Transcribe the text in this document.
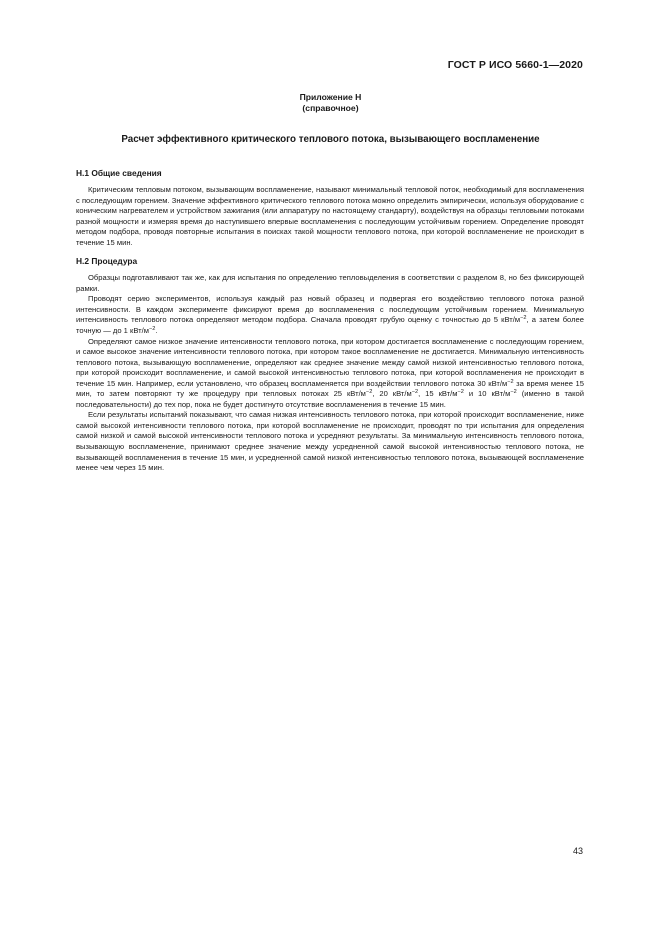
ГОСТ Р ИСО 5660-1—2020
Приложение Н
(справочное)
Расчет эффективного критического теплового потока, вызывающего воспламенение
Н.1 Общие сведения

Критическим тепловым потоком, вызывающим воспламенение, называют минимальный тепловой поток, необходимый для воспламенения с последующим горением. Значение эффективного критического теплового потока можно определить эмпирически, используя оборудование с коническим нагревателем и устройством зажигания (или аппаратуру по настоящему стандарту), воздействуя на образцы тепловыми потоками разной мощности и измеряя время до наступившего впервые воспламенения с последующим устойчивым горением. Определение проводят методом подбора, проводя повторные испытания в поисках такой мощности теплового потока, при которой воспламенение не происходит в течение 15 мин.

Н.2 Процедура

Образцы подготавливают так же, как для испытания по определению тепловыделения в соответствии с разделом 8, но без фиксирующей рамки.

Проводят серию экспериментов, используя каждый раз новый образец и подвергая его воздействию теплового потока разной интенсивности. В каждом эксперименте фиксируют время до воспламенения с последующим устойчивым горением. Минимальную интенсивность теплового потока определяют методом подбора. Сначала проводят грубую оценку с точностью до 5 кВт/$м^{-2}$, а затем более точную — до 1 кВт/$м^{-2}$.

Определяют самое низкое значение интенсивности теплового потока, при котором достигается воспламенение с последующим горением, и самое высокое значение интенсивности теплового потока, при котором такое воспламенение не достигается. Минимальную интенсивность теплового потока, вызывающую воспламенение, определяют как среднее значение между самой низкой интенсивностью теплового потока, при которой происходит воспламенение, и самой высокой интенсивностью теплового потока, при которой воспламенения не происходит в течение 15 мин. Например, если установлено, что образец воспламеняется при воздействии теплового потока 30 кВт/$м^{-2}$ за время менее 15 мин, то затем повторяют ту же процедуру при тепловых потоках 25 кВт/$м^{-2}$, 20 кВт/$м^{-2}$, 15 кВт/$м^{-2}$ и 10 кВт/$м^{-2}$ (именно в такой последовательности) до тех пор, пока не будет достигнуто отсутствие воспламенения в течение 15 мин.

Если результаты испытаний показывают, что самая низкая интенсивность теплового потока, при которой происходит воспламенение, ниже самой высокой интенсивности теплового потока, при которой воспламенение не происходит, проводят по три испытания для определения самой низкой и самой высокой интенсивности теплового потока и усредняют результаты. За минимальную интенсивность теплового потока, вызывающую воспламенение, принимают среднее значение между усредненной самой высокой интенсивностью теплового потока, не вызывающей воспламенения в течение 15 мин, и усредненной самой низкой интенсивностью теплового потока, вызывающей воспламенение менее чем через 15 мин.

43
